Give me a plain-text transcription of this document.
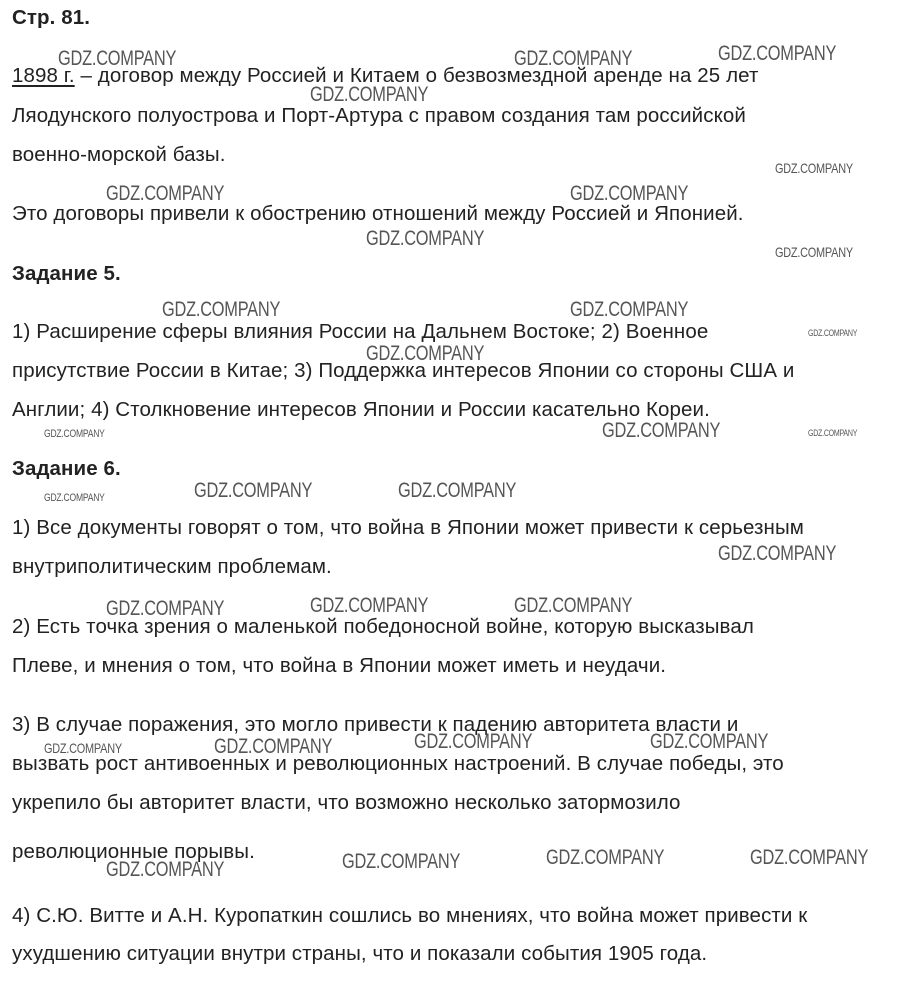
Стр. 81.
1898 г. – договор между Россией и Китаем о безвозмездной аренде на 25 лет
Ляодунского полуострова и Порт-Артура с правом создания там российской
военно-морской базы.
Это договоры привели к обострению отношений между Россией и Японией.
Задание 5.
1) Расширение сферы влияния России на Дальнем Востоке; 2) Военное
присутствие России в Китае; 3) Поддержка интересов Японии со стороны США и
Англии; 4) Столкновение интересов Японии и России касательно Кореи.
Задание 6.
1) Все документы говорят о том, что война в Японии может привести к серьезным
внутриполитическим проблемам.
2) Есть точка зрения о маленькой победоносной войне, которую высказывал
Плеве, и мнения о том, что война в Японии может иметь и неудачи.
3) В случае поражения, это могло привести к падению авторитета власти и
вызвать рост антивоенных и революционных настроений. В случае победы, это
укрепило бы авторитет власти, что возможно несколько затормозило
революционные порывы.
4) С.Ю. Витте и А.Н. Куропаткин сошлись во мнениях, что война может привести к
ухудшению ситуации внутри страны, что и показали события 1905 года.
GDZ.COMPANY	GDZ.COMPANY	GDZ.COMPANY
GDZ.COMPANY
GDZ.COMPANY
GDZ.COMPANY	GDZ.COMPANY
GDZ.COMPANY
GDZ.COMPANY
GDZ.COMPANY	GDZ.COMPANY
GDZ.COMPANY
GDZ.COMPANY
GDZ.COMPANY
GDZ.COMPANY	GDZ.COMPANY
GDZ.COMPANY	GDZ.COMPANY
GDZ.COMPANY
GDZ.COMPANY
GDZ.COMPANY	GDZ.COMPANY	GDZ.COMPANY
GDZ.COMPANY	GDZ.COMPANY	GDZ.COMPANY	GDZ.COMPANY
GDZ.COMPANY	GDZ.COMPANY	GDZ.COMPANY
GDZ.COMPANY
